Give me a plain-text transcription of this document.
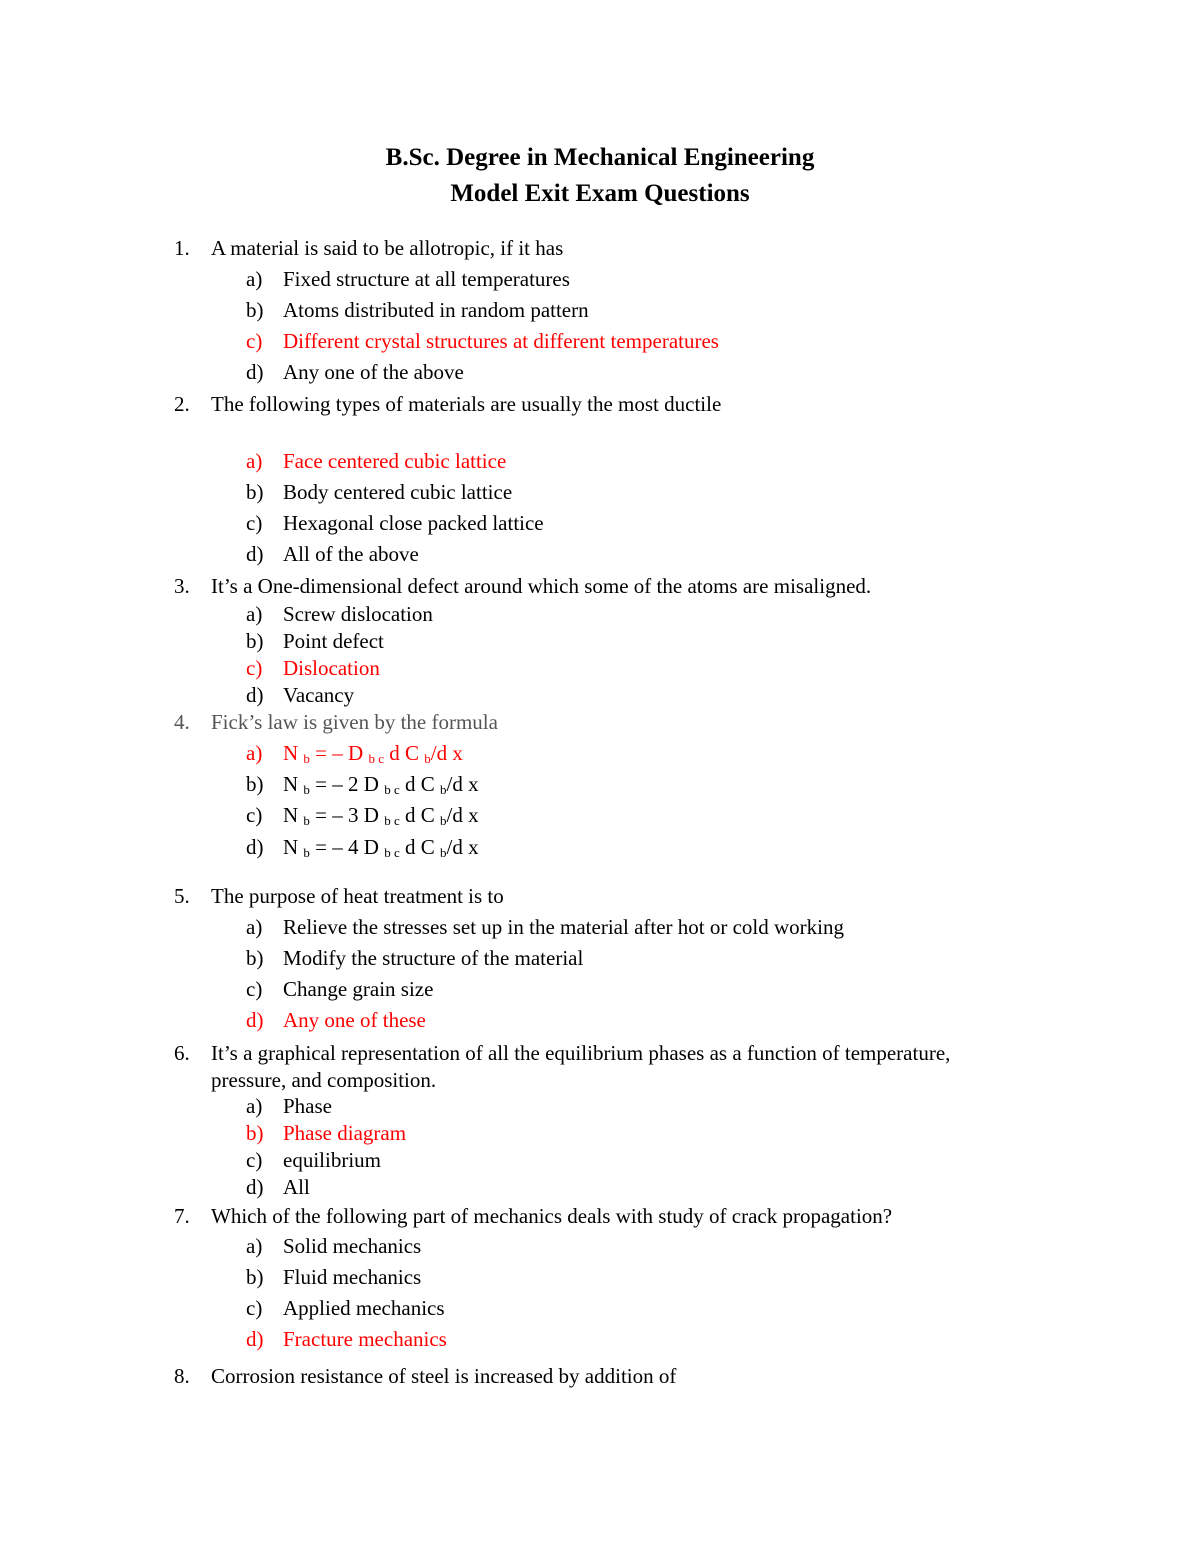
B.Sc. Degree in Mechanical Engineering
Model Exit Exam Questions
1.	A material is said to be allotropic, if it has
a) Fixed structure at all temperatures
b) Atoms distributed in random pattern
c) Different crystal structures at different temperatures
d) Any one of the above
2.	The following types of materials are usually the most ductile
a) Face centered cubic lattice
b) Body centered cubic lattice
c) Hexagonal close packed lattice
d) All of the above
3.	It’s a One-dimensional defect around which some of the atoms are misaligned.
a) Screw dislocation
b) Point defect
c) Dislocation
d) Vacancy
4.	Fick’s law is given by the formula
a) N $_b$ = – D $_{b c}$ d C $_b$/d x
b) N $_b$ = – 2 D $_{b c}$ d C $_b$/d x
c) N $_b$ = – 3 D $_{b c}$ d C $_b$/d x
d) N $_b$ = – 4 D $_{b c}$ d C $_b$/d x
5.	The purpose of heat treatment is to
a) Relieve the stresses set up in the material after hot or cold working
b) Modify the structure of the material
c) Change grain size
d) Any one of these
6.	It’s a graphical representation of all the equilibrium phases as a function of temperature,
pressure, and composition.
a) Phase
b) Phase diagram
c) equilibrium
d) All
7.	Which of the following part of mechanics deals with study of crack propagation?
a) Solid mechanics
b) Fluid mechanics
c) Applied mechanics
d) Fracture mechanics
8.	Corrosion resistance of steel is increased by addition of
